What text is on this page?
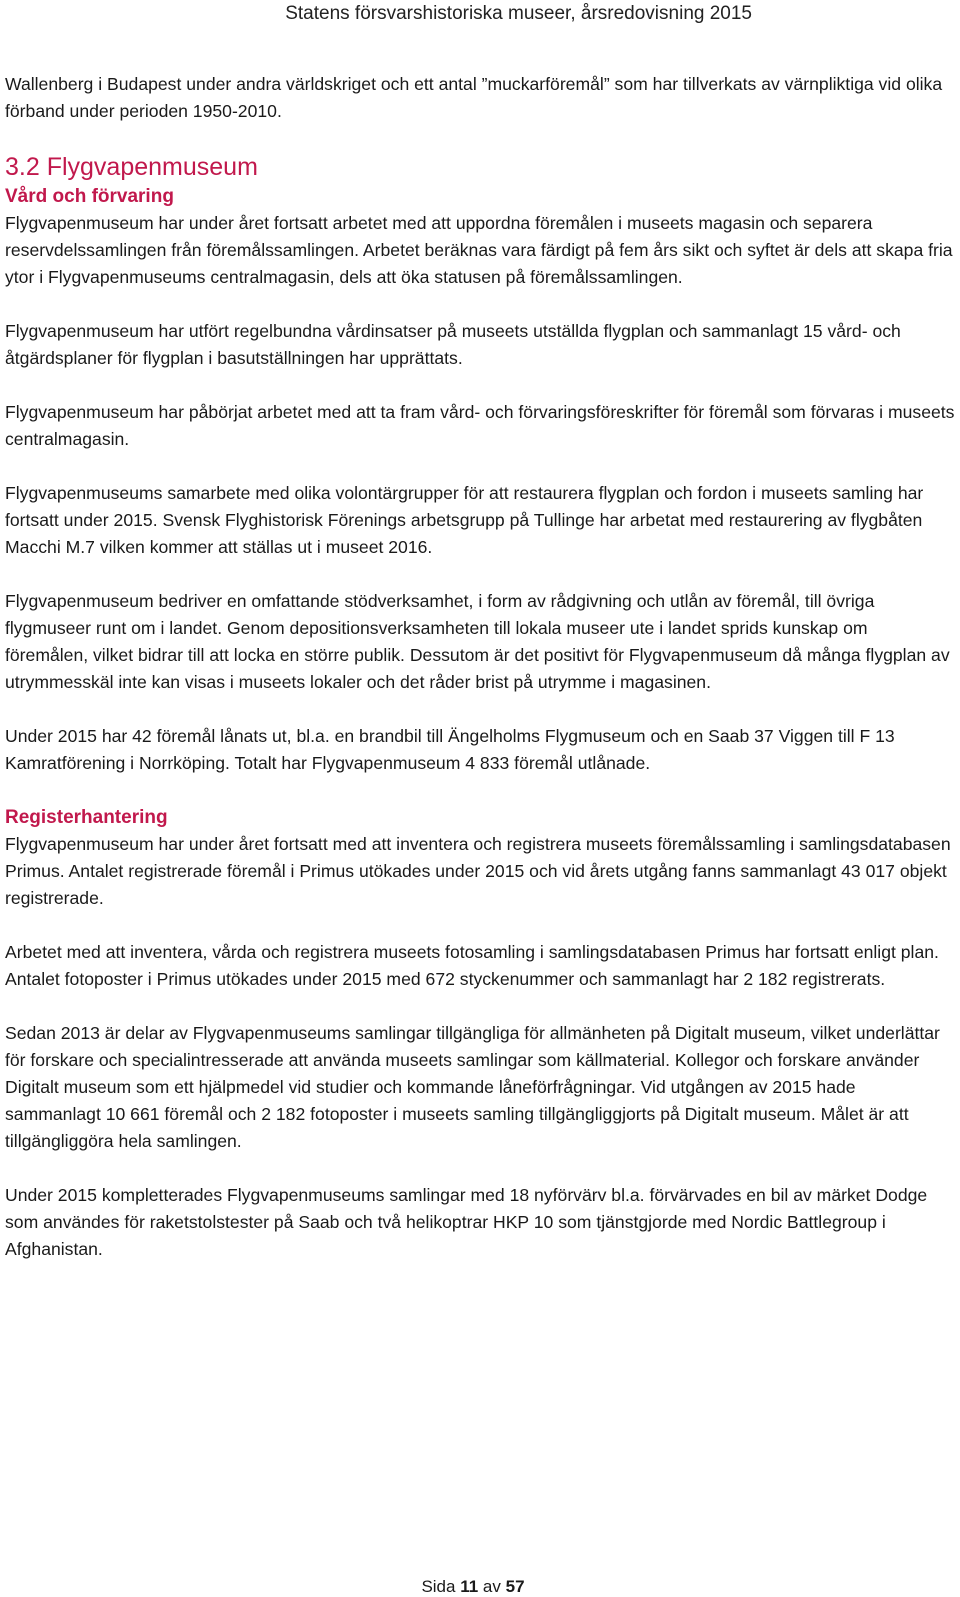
Statens försvarshistoriska museer, årsredovisning 2015

Wallenberg i Budapest under andra världskriget och ett antal ”muckarföremål” som har tillverkats av värnpliktiga vid olika förband under perioden 1950-2010.

3.2 Flygvapenmuseum
Vård och förvaring

Flygvapenmuseum har under året fortsatt arbetet med att uppordna föremålen i museets magasin och separera reservdelssamlingen från föremålssamlingen. Arbetet beräknas vara färdigt på fem års sikt och syftet är dels att skapa fria ytor i Flygvapenmuseums centralmagasin, dels att öka statusen på föremålssamlingen.

Flygvapenmuseum har utfört regelbundna vårdinsatser på museets utställda flygplan och sammanlagt 15 vård- och åtgärdsplaner för flygplan i basutställningen har upprättats.

Flygvapenmuseum har påbörjat arbetet med att ta fram vård- och förvaringsföreskrifter för föremål som förvaras i museets centralmagasin.

Flygvapenmuseums samarbete med olika volontärgrupper för att restaurera flygplan och fordon i museets samling har fortsatt under 2015. Svensk Flyghistorisk Förenings arbetsgrupp på Tullinge har arbetat med restaurering av flygbåten Macchi M.7 vilken kommer att ställas ut i museet 2016.

Flygvapenmuseum bedriver en omfattande stödverksamhet, i form av rådgivning och utlån av föremål, till övriga flygmuseer runt om i landet. Genom depositionsverksamheten till lokala museer ute i landet sprids kunskap om föremålen, vilket bidrar till att locka en större publik. Dessutom är det positivt för Flygvapenmuseum då många flygplan av utrymmesskäl inte kan visas i museets lokaler och det råder brist på utrymme i magasinen.

Under 2015 har 42 föremål lånats ut, bl.a. en brandbil till Ängelholms Flygmuseum och en Saab 37 Viggen till F 13 Kamratförening i Norrköping. Totalt har Flygvapenmuseum 4 833 föremål utlånade.

Registerhantering

Flygvapenmuseum har under året fortsatt med att inventera och registrera museets föremålssamling i samlingsdatabasen Primus. Antalet registrerade föremål i Primus utökades under 2015 och vid årets utgång fanns sammanlagt 43 017 objekt registrerade.

Arbetet med att inventera, vårda och registrera museets fotosamling i samlingsdatabasen Primus har fortsatt enligt plan. Antalet fotoposter i Primus utökades under 2015 med 672 styckenummer och sammanlagt har 2 182 registrerats.

Sedan 2013 är delar av Flygvapenmuseums samlingar tillgängliga för allmänheten på Digitalt museum, vilket underlättar för forskare och specialintresserade att använda museets samlingar som källmaterial. Kollegor och forskare använder Digitalt museum som ett hjälpmedel vid studier och kommande låneförfrågningar. Vid utgången av 2015 hade sammanlagt 10 661 föremål och 2 182 fotoposter i museets samling tillgängliggjorts på Digitalt museum. Målet är att tillgängliggöra hela samlingen.

Under 2015 kompletterades Flygvapenmuseums samlingar med 18 nyförvärv bl.a. förvärvades en bil av märket Dodge som användes för raketstolstester på Saab och två helikoptrar HKP 10 som tjänstgjorde med Nordic Battlegroup i Afghanistan.

Sida 11 av 57
